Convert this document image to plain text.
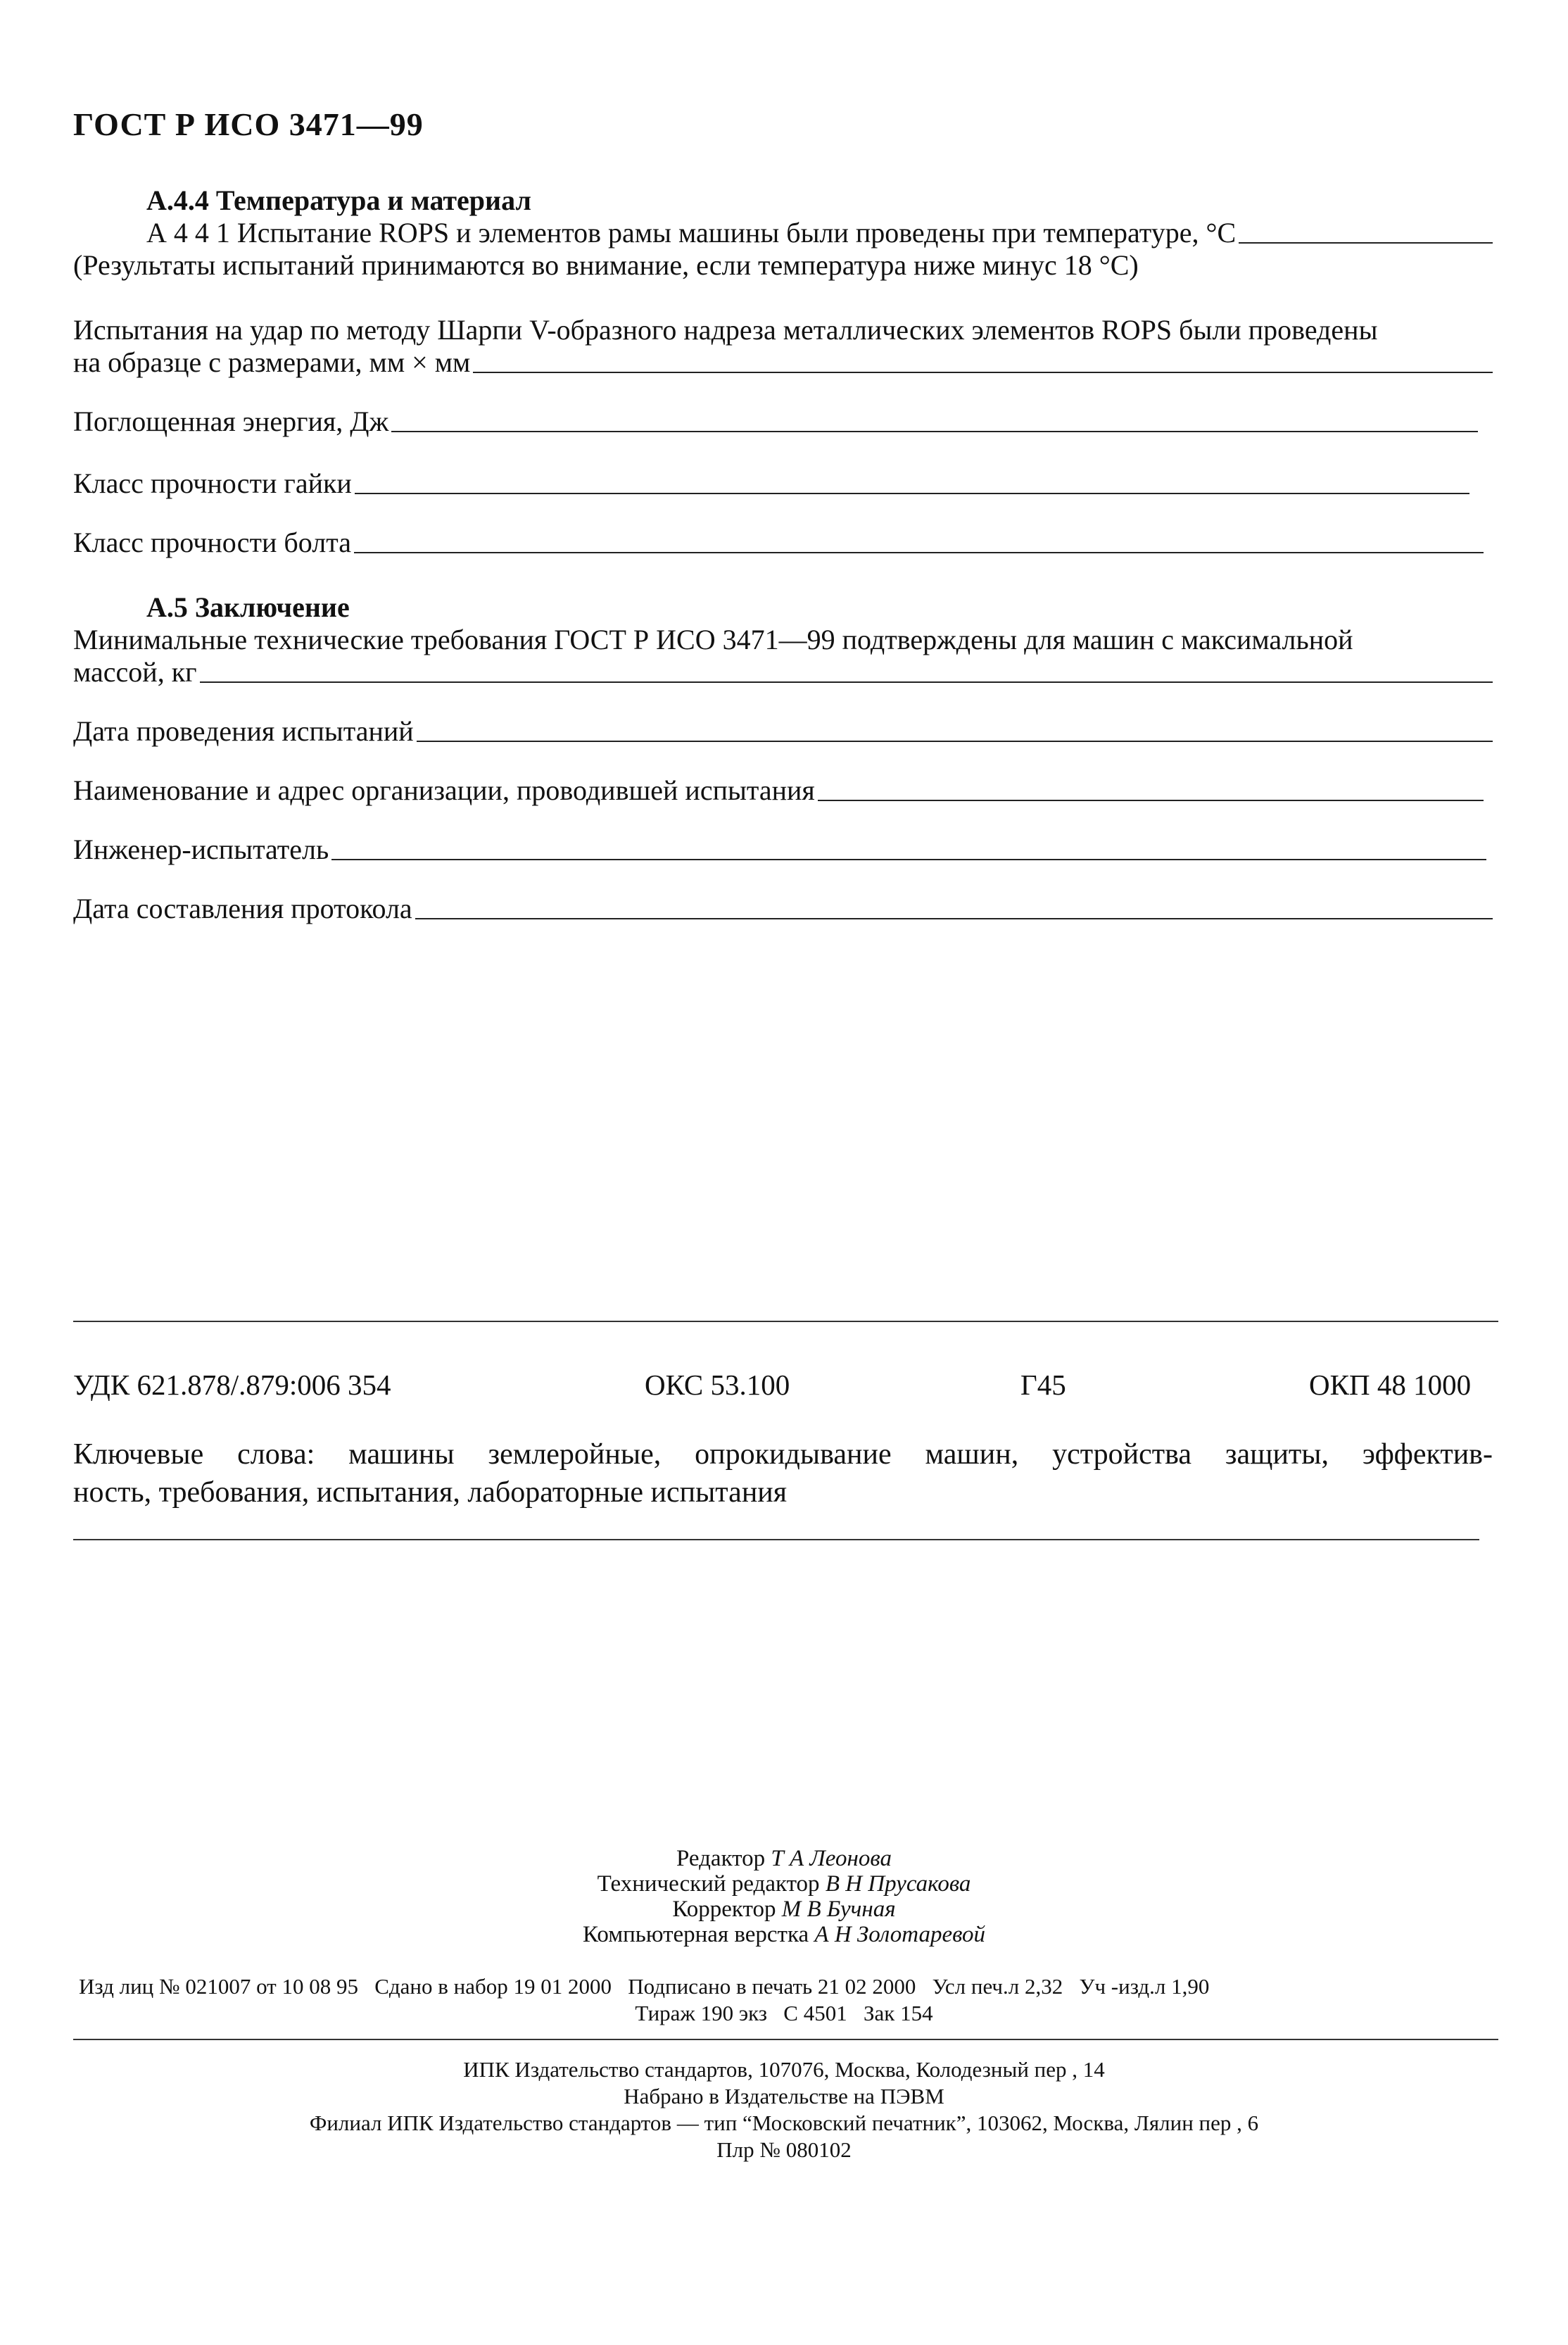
ГОСТ Р ИСО 3471—99
А.4.4 Температура и материал
А 4 4 1 Испытание ROPS и элементов рамы машины были проведены при температуре, °С
(Результаты испытаний принимаются во внимание, если температура ниже минус 18 °С)
Испытания на удар по методу Шарпи V-образного надреза металлических элементов ROPS были проведены
на образце с размерами, мм × мм
Поглощенная энергия, Дж
Класс прочности гайки
Класс прочности болта
А.5 Заключение
Минимальные технические требования ГОСТ Р ИСО 3471—99 подтверждены для машин с максимальной
массой, кг
Дата проведения испытаний
Наименование и адрес организации, проводившей испытания
Инженер-испытатель
Дата составления протокола
УДК 621.878/.879:006 354	ОКС 53.100	Г45	ОКП 48 1000
Ключевые слова: машины землеройные, опрокидывание машин, устройства защиты, эффектив-
ность, требования, испытания, лабораторные испытания
Редактор Т А Леонова
Технический редактор В Н Прусакова
Корректор М В Бучная
Компьютерная верстка А Н Золотаревой
Изд лиц № 021007 от 10 08 95   Сдано в набор 19 01 2000   Подписано в печать 21 02 2000   Усл печ.л 2,32   Уч -изд.л 1,90
Тираж 190 экз   С 4501   Зак 154
ИПК Издательство стандартов, 107076, Москва, Колодезный пер , 14
Набрано в Издательстве на ПЭВМ
Филиал ИПК Издательство стандартов — тип “Московский печатник”, 103062, Москва, Лялин пер , 6
Плр № 080102
